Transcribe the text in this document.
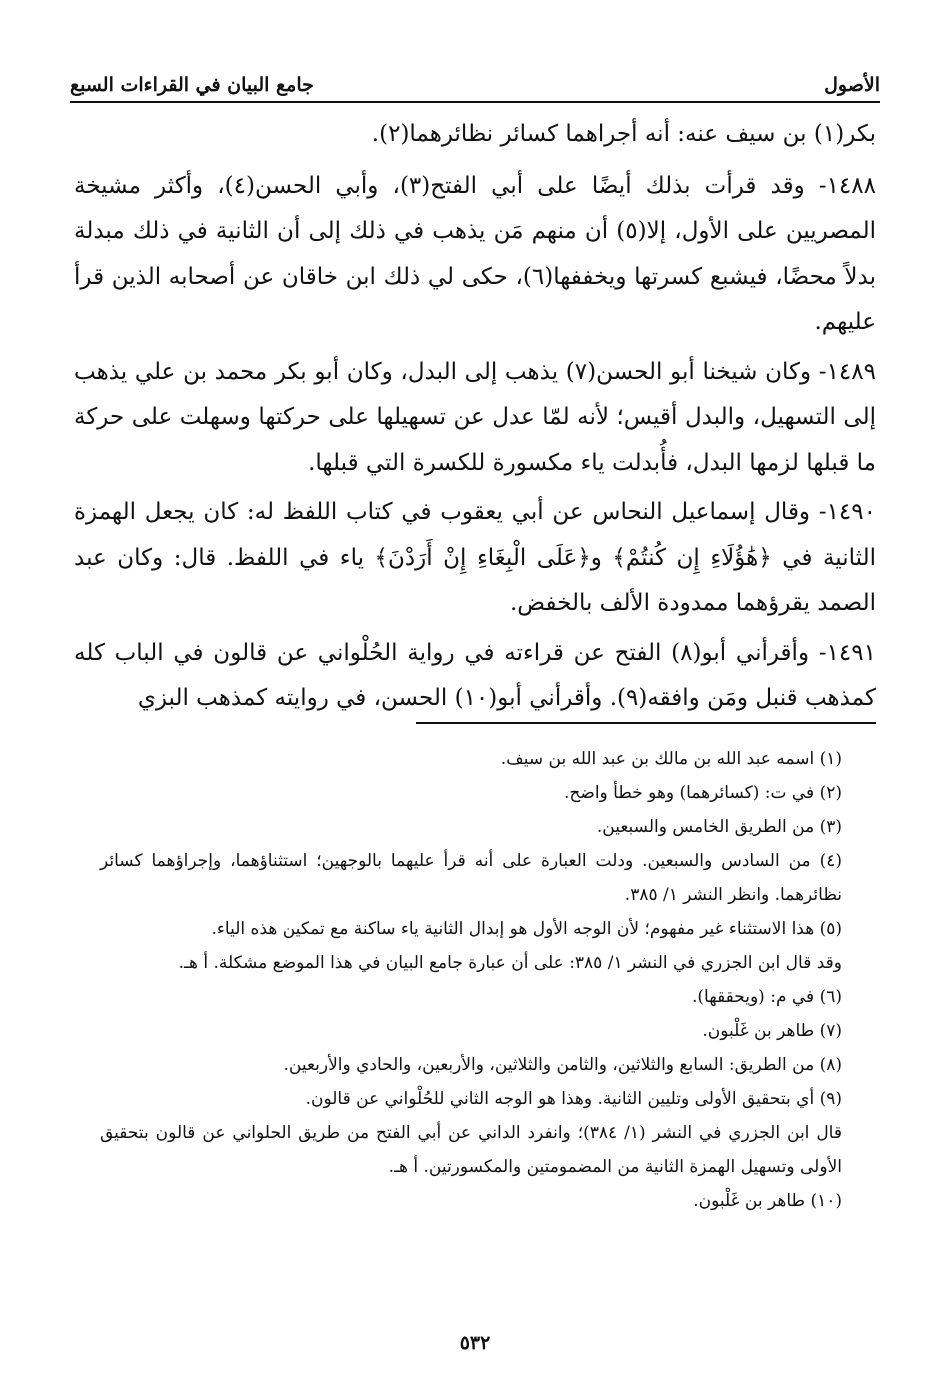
الأصول
جامع البيان في القراءات السبع

بكر(١) بن سيف عنه: أنه أجراهما كسائر نظائرهما(٢).

١٤٨٨- وقد قرأت بذلك أيضًا على أبي الفتح(٣)، وأبي الحسن(٤)، وأكثر مشيخة المصريين على الأول، إلا(٥) أن منهم مَن يذهب في ذلك إلى أن الثانية في ذلك مبدلة بدلاً محضًا، فيشبع كسرتها ويخففها(٦)، حكى لي ذلك ابن خاقان عن أصحابه الذين قرأ عليهم.

١٤٨٩- وكان شيخنا أبو الحسن(٧) يذهب إلى البدل، وكان أبو بكر محمد بن علي يذهب إلى التسهيل، والبدل أقيس؛ لأنه لمّا عدل عن تسهيلها على حركتها وسهلت على حركة ما قبلها لزمها البدل، فأُبدلت ياء مكسورة للكسرة التي قبلها.

١٤٩٠- وقال إسماعيل النحاس عن أبي يعقوب في كتاب اللفظ له: كان يجعل الهمزة الثانية في ﴿هَٰؤُلَاءِ إِن كُنتُمْ﴾ و﴿عَلَى الْبِغَاءِ إِنْ أَرَدْنَ﴾ ياء في اللفظ. قال: وكان عبد الصمد يقرؤهما ممدودة الألف بالخفض.

١٤٩١- وأقرأني أبو(٨) الفتح عن قراءته في رواية الحُلْواني عن قالون في الباب كله كمذهب قنبل ومَن وافقه(٩). وأقرأني أبو(١٠) الحسن، في روايته كمذهب البزي

(١) اسمه عبد الله بن مالك بن عبد الله بن سيف.

(٢) في ت: (كسائرهما) وهو خطأ واضح.

(٣) من الطريق الخامس والسبعين.

(٤) من السادس والسبعين. ودلت العبارة على أنه قرأ عليهما بالوجهين؛ استثناؤهما، وإجراؤهما كسائر نظائرهما. وانظر النشر ١/ ٣٨٥.

(٥) هذا الاستثناء غير مفهوم؛ لأن الوجه الأول هو إبدال الثانية ياء ساكنة مع تمكين هذه الياء.

وقد قال ابن الجزري في النشر ١/ ٣٨٥: على أن عبارة جامع البيان في هذا الموضع مشكلة. أ هـ.

(٦) في م: (ويحققها).

(٧) طاهر بن غَلْبون.

(٨) من الطريق: السابع والثلاثين، والثامن والثلاثين، والأربعين، والحادي والأربعين.

(٩) أي بتحقيق الأولى وتليين الثانية. وهذا هو الوجه الثاني للحُلْواني عن قالون.

قال ابن الجزري في النشر (١/ ٣٨٤)؛ وانفرد الداني عن أبي الفتح من طريق الحلواني عن قالون بتحقيق الأولى وتسهيل الهمزة الثانية من المضمومتين والمكسورتين. أ هـ.

(١٠) طاهر بن غَلْبون.

٥٣٢
